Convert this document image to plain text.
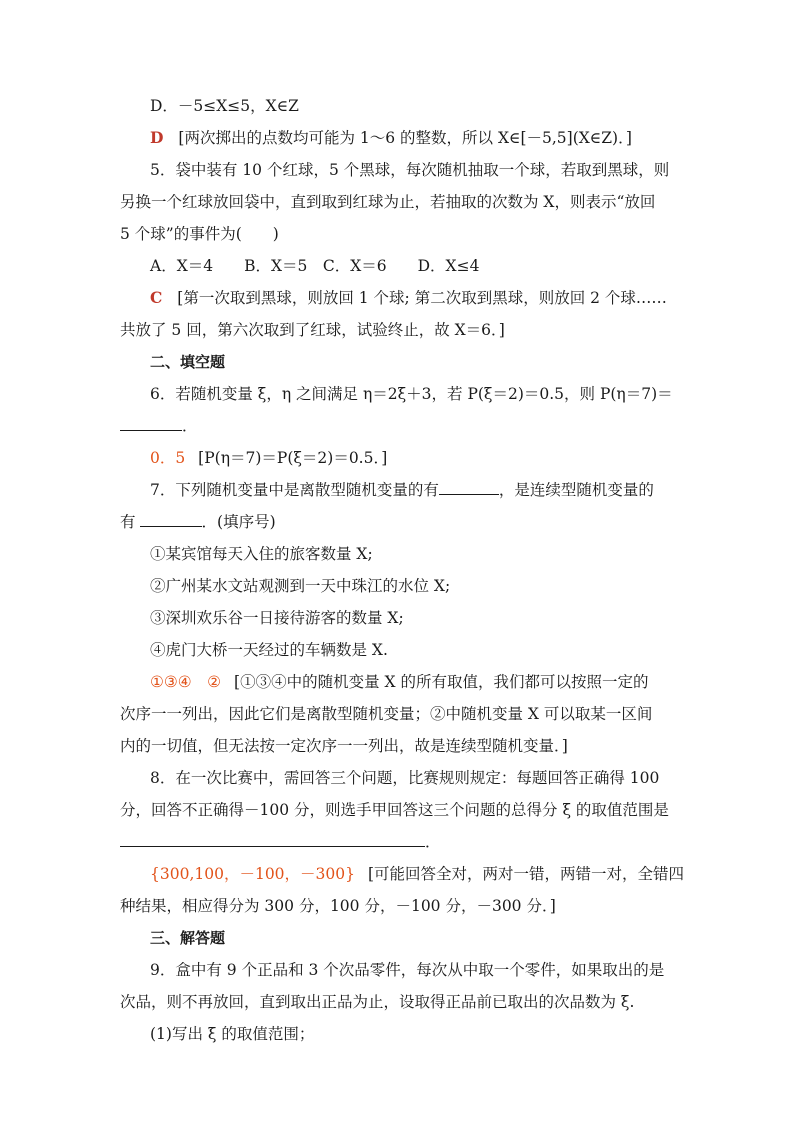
D．－5≤X≤5，X∈Z
D [两次掷出的点数均可能为 1～6 的整数，所以 X∈[－5,5](X∈Z)．]
5．袋中装有 10 个红球，5 个黑球，每次随机抽取一个球，若取到黑球，则
另换一个红球放回袋中，直到取到红球为止，若抽取的次数为 X，则表示“放回
5 个球”的事件为(　　)
A．X＝4　　B．X＝5　C．X＝6　　D．X≤4
C [第一次取到黑球，则放回 1 个球; 第二次取到黑球，则放回 2 个球……
共放了 5 回，第六次取到了红球，试验终止，故 X＝6．]
二、填空题
6．若随机变量 ξ，η 之间满足 η＝2ξ＋3，若 P(ξ＝2)＝0.5，则 P(η＝7)＝
．
0．5 [P(η＝7)＝P(ξ＝2)＝0.5．]
7．下列随机变量中是离散型随机变量的有	，是连续型随机变量的
有	．(填序号)
①某宾馆每天入住的旅客数量 X;
②广州某水文站观测到一天中珠江的水位 X;
③深圳欢乐谷一日接待游客的数量 X;
④虎门大桥一天经过的车辆数是 X.
①③④　② [①③④中的随机变量 X 的所有取值，我们都可以按照一定的
次序一一列出，因此它们是离散型随机变量；②中随机变量 X 可以取某一区间
内的一切值，但无法按一定次序一一列出，故是连续型随机变量．]
8．在一次比赛中，需回答三个问题，比赛规则规定：每题回答正确得 100
分，回答不正确得－100 分，则选手甲回答这三个问题的总得分 ξ 的取值范围是
．
{300,100，－100，－300} [可能回答全对，两对一错，两错一对，全错四
种结果，相应得分为 300 分，100 分，－100 分，－300 分．]
三、解答题
9．盒中有 9 个正品和 3 个次品零件，每次从中取一个零件，如果取出的是
次品，则不再放回，直到取出正品为止，设取得正品前已取出的次品数为 ξ.
(1)写出 ξ 的取值范围；
